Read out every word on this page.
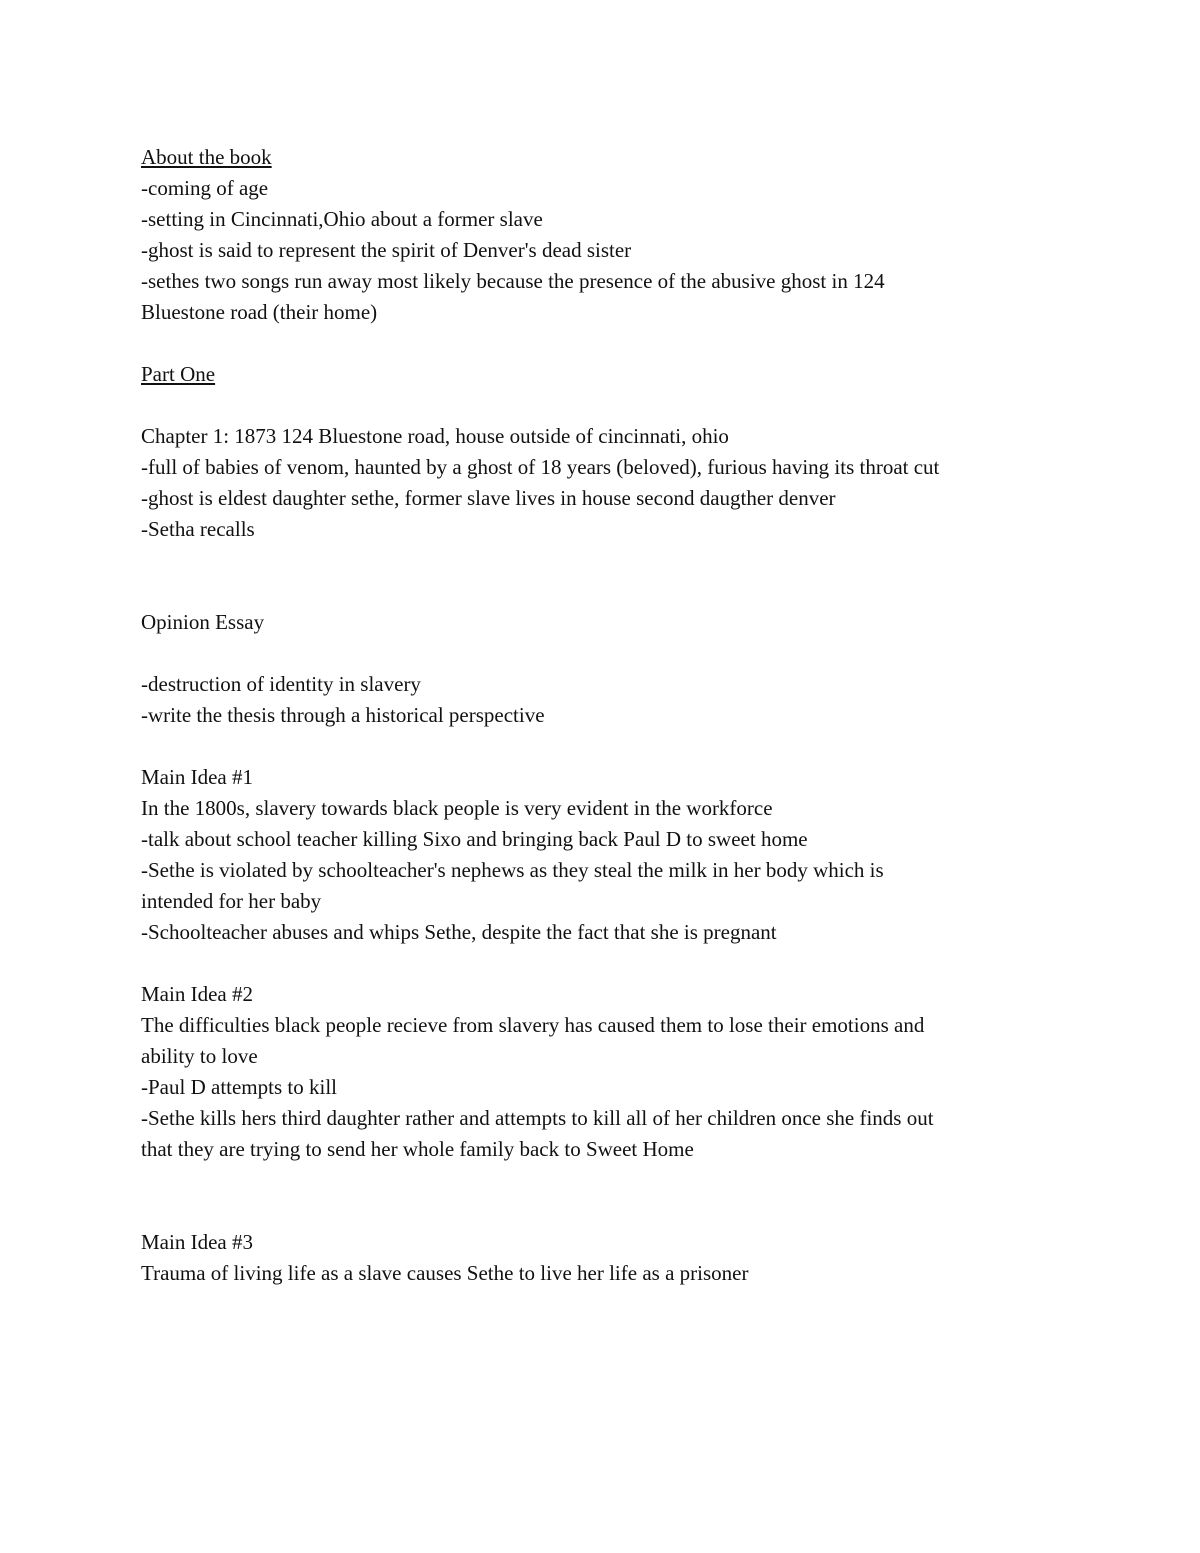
About the book
-coming of age
-setting in Cincinnati,Ohio about a former slave
-ghost is said to represent the spirit of Denver's dead sister
-sethes two songs run away most likely because the presence of the abusive ghost in 124
Bluestone road (their home)
Part One
Chapter 1: 1873 124 Bluestone road, house outside of cincinnati, ohio
-full of babies of venom, haunted by a ghost of 18 years (beloved), furious having its throat cut
-ghost is eldest daughter sethe, former slave lives in house second daugther denver
-Setha recalls
Opinion Essay
-destruction of identity in slavery
-write the thesis through a historical perspective
Main Idea #1
In the 1800s, slavery towards black people is very evident in the workforce
-talk about school teacher killing Sixo and bringing back Paul D to sweet home
-Sethe is violated by schoolteacher's nephews as they steal the milk in her body which is
intended for her baby
-Schoolteacher abuses and whips Sethe, despite the fact that she is pregnant
Main Idea #2
The difficulties black people recieve from slavery has caused them to lose their emotions and
ability to love
-Paul D attempts to kill
-Sethe kills hers third daughter rather and attempts to kill all of her children once she finds out
that they are trying to send her whole family back to Sweet Home
Main Idea #3
Trauma of living life as a slave causes Sethe to live her life as a prisoner
